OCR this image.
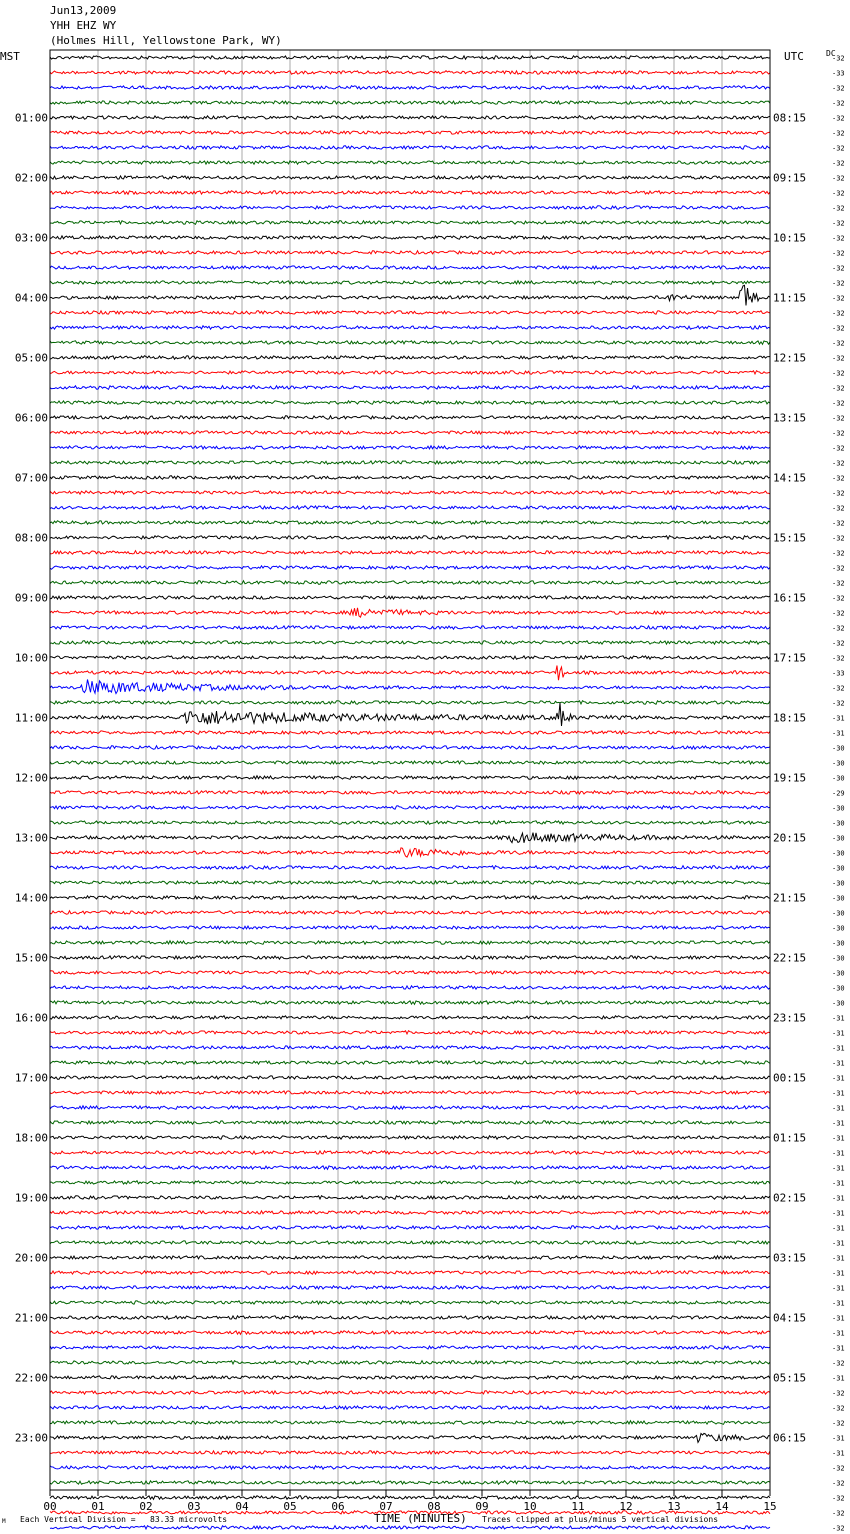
00	01	02	03	04	05	06	07	08	09	10	11	12	13	14	15
-32
-33
-32
-32
-32
-32
-32
-32
-32
-32
-32
-32
-32
-32
-32
-32
-32
-32
-32
-32
-32
-32
-32
-32
-32
-32
-32
-32
-32
-32
-32
-32
-32
-32
-32
-32
-32
-32
-32
-32
-32
-33
-32
-32
-31
-31
-30
-30
-30
-29
-30
-30
-30
-30
-30
-30
-30
-30
-30
-30
-30
-30
-30
-30
-31
-31
-31
-31
-31
-31
-31
-31
-31
-31
-31
-31
-31
-31
-31
-31
-31
-31
-31
-31
-31
-31
-31
-32
-31
-32
-32
-32
-31
-31
-32
-32
-32
-32
-32
01:00	08:15
02:00	09:15
03:00	10:15
04:00	11:15
05:00	12:15
06:00	13:15
07:00	14:15
08:00	15:15
09:00	16:15
10:00	17:15
11:00	18:15
12:00	19:15
13:00	20:15
14:00	21:15
15:00	22:15
16:00	23:15
17:00	00:15
18:00	01:15
19:00	02:15
20:00	03:15
21:00	04:15
22:00	05:15
23:00	06:15
Jun13,2009
YHH EHZ WY
(Holmes Hill, Yellowstone Park, WY)
MST	UTC	DC
M Each Vertical Division =   83.33 microvolts	TIME (MINUTES) Traces clipped at plus/minus 5 vertical divisions
